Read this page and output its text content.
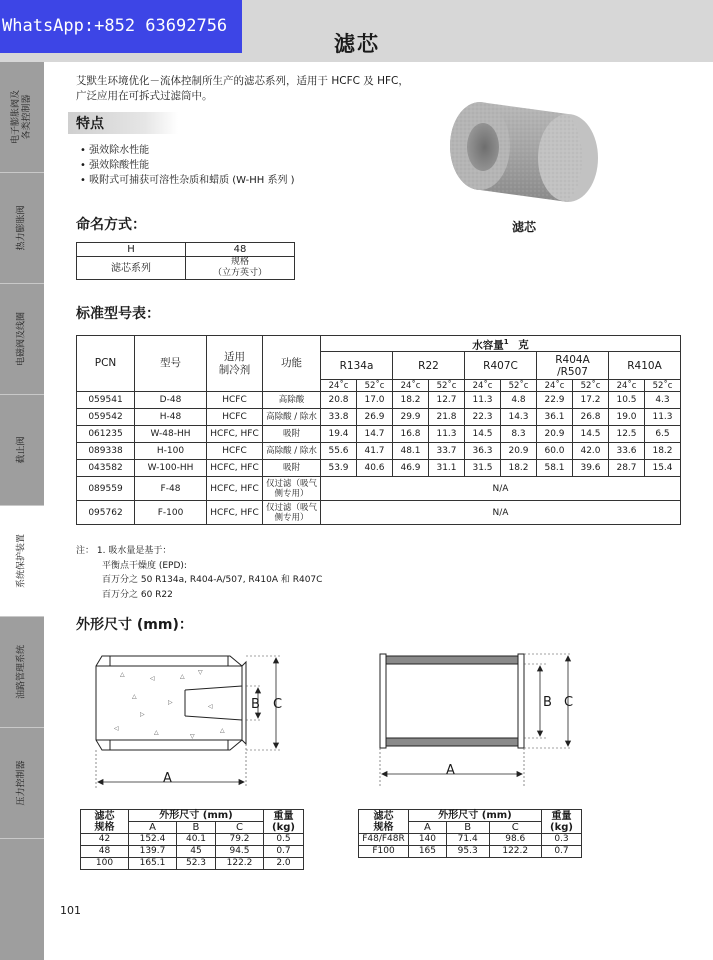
WhatsApp:+852 63692756
滤芯
电子膨胀阀及
各类控制器
热力膨胀阀
电磁阀及线圈
截止阀
系统保护装置
油路管理系统
压力控制器
艾默生环境优化－流体控制所生产的滤芯系列，适用于 HCFC 及 HFC，广泛应用在可拆式过滤筒中。
特点
• 强效除水性能
• 强效除酸性能
• 吸附式可捕获可溶性杂质和蜡质 (W-HH 系列 )
滤芯
命名方式：
H	48
滤芯系列	规格
（立方英寸）
标准型号表：
PCN	型号	适用
制冷剂	功能	水容量$^1$ 克									
				R134a		R22		R407C		R404A
/R507		R410A	
				24˚c	52˚c	24˚c	52˚c	24˚c	52˚c	24˚c	52˚c	24˚c	52˚c
059541	D-48	HCFC	高除酸	20.8	17.0	18.2	12.7	11.3	4.8	22.9	17.2	10.5	4.3
059542	H-48	HCFC	高除酸 / 除水	33.8	26.9	29.9	21.8	22.3	14.3	36.1	26.8	19.0	11.3
061235	W-48-HH	HCFC, HFC	吸附	19.4	14.7	16.8	11.3	14.5	8.3	20.9	14.5	12.5	6.5
089338	H-100	HCFC	高除酸 / 除水	55.6	41.7	48.1	33.7	36.3	20.9	60.0	42.0	33.6	18.2
043582	W-100-HH	HCFC, HFC	吸附	53.9	40.6	46.9	31.1	31.5	18.2	58.1	39.6	28.7	15.4
089559	F-48	HCFC, HFC	仅过滤（吸气
侧专用）	N/A									
095762	F-100	HCFC, HFC	仅过滤（吸气
侧专用）	N/A									
注： 1. 吸水量是基于：
平衡点干燥度 (EPD):
百万分之 50 R134a, R404-A/507, R410A 和 R407C
百万分之 60 R22
外形尺寸 (mm)：
△
◁
▽
△
▷
◁
◁
△
▽
△
▷
△
A
B C
A
B C
滤芯
规格	外形尺寸 (mm)			重量
(kg)
	A	B	C	
42	152.4	40.1	79.2	0.5
48	139.7	45	94.5	0.7
100	165.1	52.3	122.2	2.0
滤芯
规格	外形尺寸 (mm)			重量
(kg)
	A	B	C	
F48/F48R	140	71.4	98.6	0.3
F100	165	95.3	122.2	0.7
101
